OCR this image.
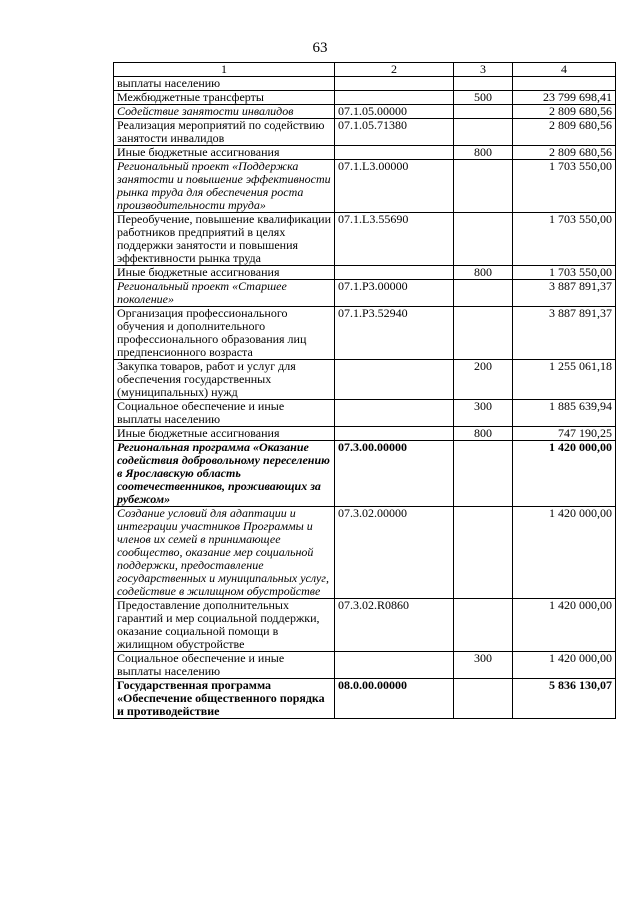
63
1	2	3	4
выплаты населению			
Межбюджетные трансферты		500	23 799 698,41
Содействие занятости инвалидов	07.1.05.00000		2 809 680,56
Реализация мероприятий по содействию занятости инвалидов	07.1.05.71380		2 809 680,56
Иные бюджетные ассигнования		800	2 809 680,56
Региональный проект «Поддержка занятости и повышение эффективности рынка труда для обеспечения роста производительности труда»	07.1.L3.00000		1 703 550,00
Переобучение, повышение квалификации работников предприятий в целях поддержки занятости и повышения эффективности рынка труда	07.1.L3.55690		1 703 550,00
Иные бюджетные ассигнования		800	1 703 550,00
Региональный проект «Старшее поколение»	07.1.P3.00000		3 887 891,37
Организация профессионального обучения и дополнительного профессионального образования лиц предпенсионного возраста	07.1.P3.52940		3 887 891,37
Закупка товаров, работ и услуг для обеспечения государственных (муниципальных) нужд		200	1 255 061,18
Социальное обеспечение и иные выплаты населению		300	1 885 639,94
Иные бюджетные ассигнования		800	747 190,25
Региональная программа «Оказание содействия добровольному переселению в Ярославскую область соотечественников, проживающих за рубежом»	07.3.00.00000		1 420 000,00
Создание условий для адаптации и интеграции участников Программы и членов их семей в принимающее сообщество, оказание мер социальной поддержки, предоставление государственных и муниципальных услуг, содействие в жилищном обустройстве	07.3.02.00000		1 420 000,00
Предоставление дополнительных гарантий и мер социальной поддержки, оказание социальной помощи в жилищном обустройстве	07.3.02.R0860		1 420 000,00
Социальное обеспечение и иные выплаты населению		300	1 420 000,00
Государственная программа «Обеспечение общественного порядка и противодействие	08.0.00.00000		5 836 130,07
